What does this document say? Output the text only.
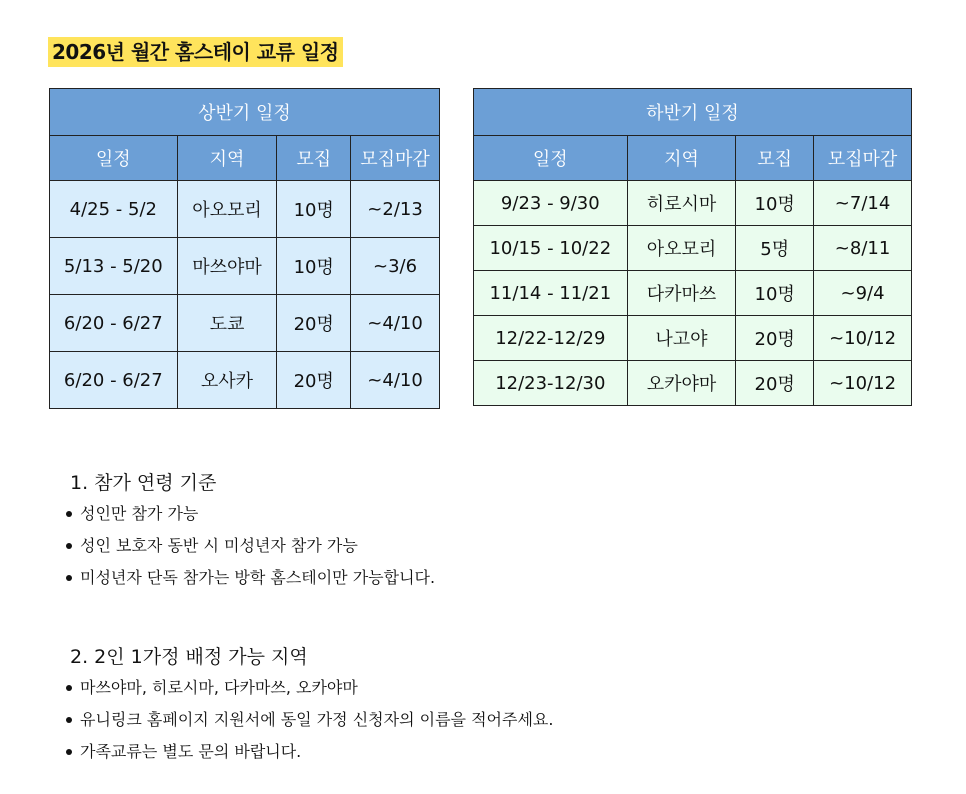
2026년 월간 홈스테이 교류 일정
상반기 일정			
일정	지역	모집	모집마감
4/25 - 5/2	아오모리	10명	~2/13
5/13 - 5/20	마쓰야마	10명	~3/6
6/20 - 6/27	도쿄	20명	~4/10
6/20 - 6/27	오사카	20명	~4/10
하반기 일정			
일정	지역	모집	모집마감
9/23 - 9/30	히로시마	10명	~7/14
10/15 - 10/22	아오모리	5명	~8/11
11/14 - 11/21	다카마쓰	10명	~9/4
12/22-12/29	나고야	20명	~10/12
12/23-12/30	오카야마	20명	~10/12
1. 참가 연령 기준
성인만 참가 가능
성인 보호자 동반 시 미성년자 참가 가능
미성년자 단독 참가는 방학 홈스테이만 가능합니다.
2. 2인 1가정 배정 가능 지역
마쓰야마, 히로시마, 다카마쓰, 오카야마
유니링크 홈페이지 지원서에 동일 가정 신청자의 이름을 적어주세요.
가족교류는 별도 문의 바랍니다.
